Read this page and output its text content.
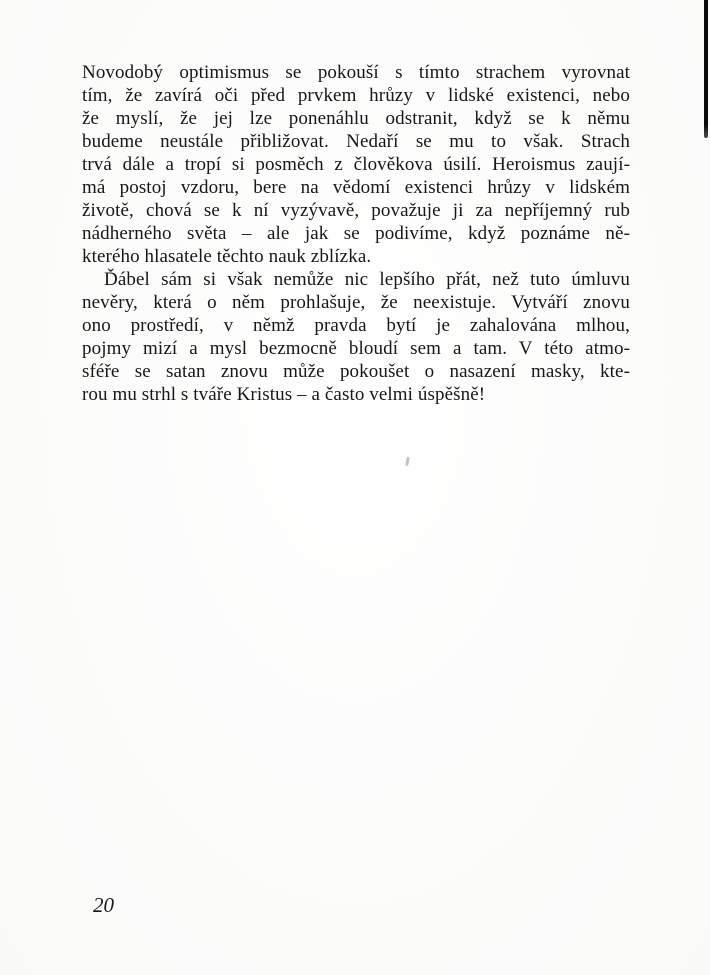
Novodobý optimismus se pokouší s tímto strachem vyrovnat
tím, že zavírá oči před prvkem hrůzy v lidské existenci, nebo
že myslí, že jej lze ponenáhlu odstranit, když se k němu
budeme neustále přibližovat. Nedaří se mu to však. Strach
trvá dále a tropí si posměch z člověkova úsilí. Heroismus zaují-
má postoj vzdoru, bere na vědomí existenci hrůzy v lidském
životě, chová se k ní vyzývavě, považuje ji za nepříjemný rub
nádherného světa – ale jak se podivíme, když poznáme ně-
kterého hlasatele těchto nauk zblízka.

Ďábel sám si však nemůže nic lepšího přát, než tuto úmluvu
nevěry, která o něm prohlašuje, že neexistuje. Vytváří znovu
ono prostředí, v němž pravda bytí je zahalována mlhou,
pojmy mizí a mysl bezmocně bloudí sem a tam. V této atmo-
sféře se satan znovu může pokoušet o nasazení masky, kte-
rou mu strhl s tváře Kristus – a často velmi úspěšně!

20
